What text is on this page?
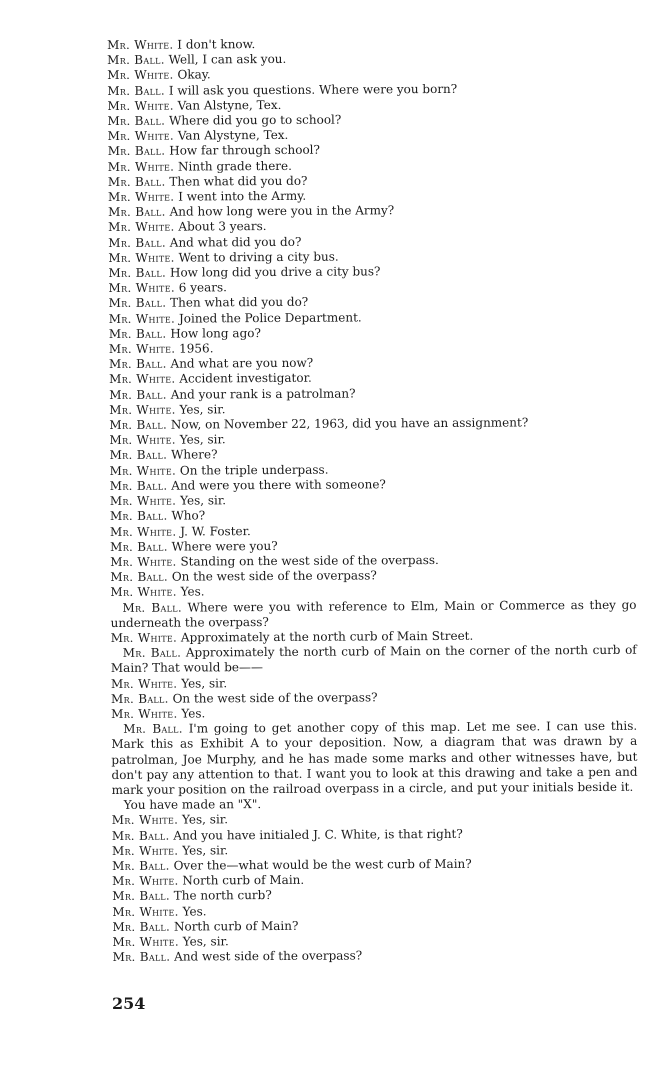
Mr. White. I don't know.

Mr. Ball. Well, I can ask you.

Mr. White. Okay.

Mr. Ball. I will ask you questions. Where were you born?

Mr. White. Van Alstyne, Tex.

Mr. Ball. Where did you go to school?

Mr. White. Van Alystyne, Tex.

Mr. Ball. How far through school?

Mr. White. Ninth grade there.

Mr. Ball. Then what did you do?

Mr. White. I went into the Army.

Mr. Ball. And how long were you in the Army?

Mr. White. About 3 years.

Mr. Ball. And what did you do?

Mr. White. Went to driving a city bus.

Mr. Ball. How long did you drive a city bus?

Mr. White. 6 years.

Mr. Ball. Then what did you do?

Mr. White. Joined the Police Department.

Mr. Ball. How long ago?

Mr. White. 1956.

Mr. Ball. And what are you now?

Mr. White. Accident investigator.

Mr. Ball. And your rank is a patrolman?

Mr. White. Yes, sir.

Mr. Ball. Now, on November 22, 1963, did you have an assignment?

Mr. White. Yes, sir.

Mr. Ball. Where?

Mr. White. On the triple underpass.

Mr. Ball. And were you there with someone?

Mr. White. Yes, sir.

Mr. Ball. Who?

Mr. White. J. W. Foster.

Mr. Ball. Where were you?

Mr. White. Standing on the west side of the overpass.

Mr. Ball. On the west side of the overpass?

Mr. White. Yes.

Mr. Ball. Where were you with reference to Elm, Main or Commerce as they go underneath the overpass?

Mr. White. Approximately at the north curb of Main Street.

Mr. Ball. Approximately the north curb of Main on the corner of the north curb of Main? That would be——

Mr. White. Yes, sir.

Mr. Ball. On the west side of the overpass?

Mr. White. Yes.

Mr. Ball. I'm going to get another copy of this map. Let me see. I can use this. Mark this as Exhibit A to your deposition. Now, a diagram that was drawn by a patrolman, Joe Murphy, and he has made some marks and other witnesses have, but don't pay any attention to that. I want you to look at this drawing and take a pen and mark your position on the railroad overpass in a circle, and put your initials beside it.

You have made an "X".

Mr. White. Yes, sir.

Mr. Ball. And you have initialed J. C. White, is that right?

Mr. White. Yes, sir.

Mr. Ball. Over the—what would be the west curb of Main?

Mr. White. North curb of Main.

Mr. Ball. The north curb?

Mr. White. Yes.

Mr. Ball. North curb of Main?

Mr. White. Yes, sir.

Mr. Ball. And west side of the overpass?

254
